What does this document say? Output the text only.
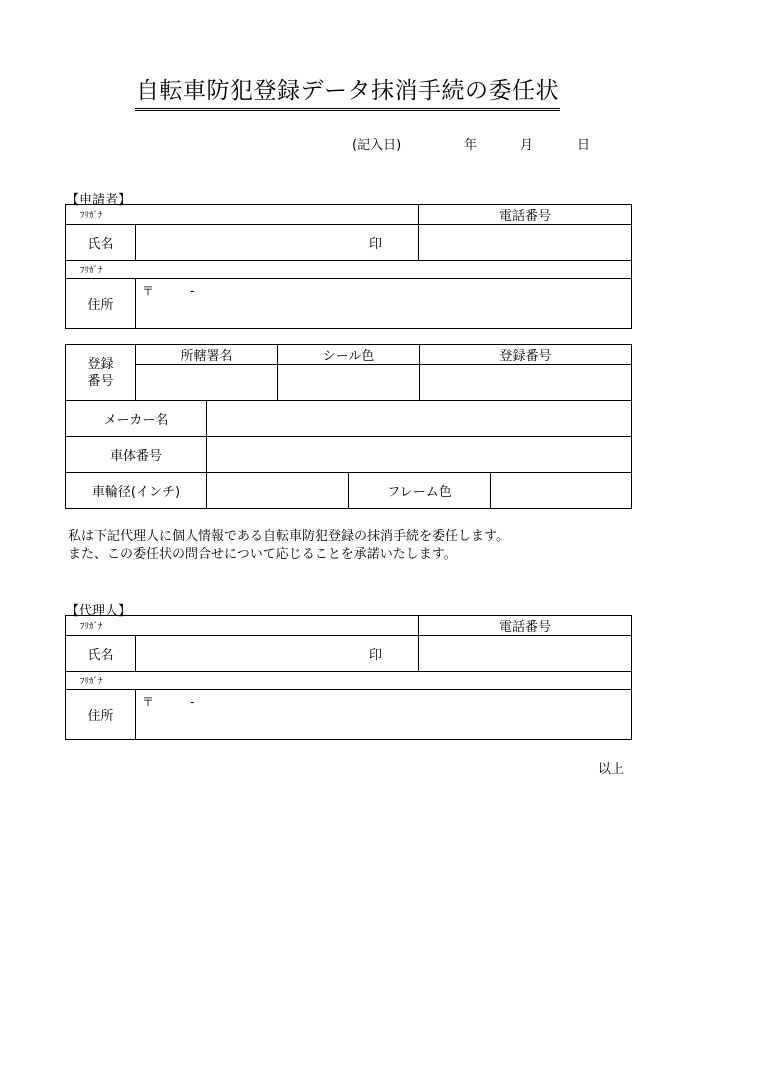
自転車防犯登録データ抹消手続の委任状
(記入日)	年	月	日
【申請者】
ﾌﾘｶﾞﾅ		電話番号
氏名	印	

ﾌﾘｶﾞﾅ		
住所	〒 -	
登録
番号	所轄署名		シール色		登録番号	

メーカー名						
車体番号						
車輪径(インチ)				フレーム色		
私は下記代理人に個人情報である自転車防犯登録の抹消手続を委任します。
また、この委任状の問合せについて応じることを承諾いたします。
【代理人】
ﾌﾘｶﾞﾅ		電話番号
氏名	印	

ﾌﾘｶﾞﾅ		
住所	〒 -	
以上
